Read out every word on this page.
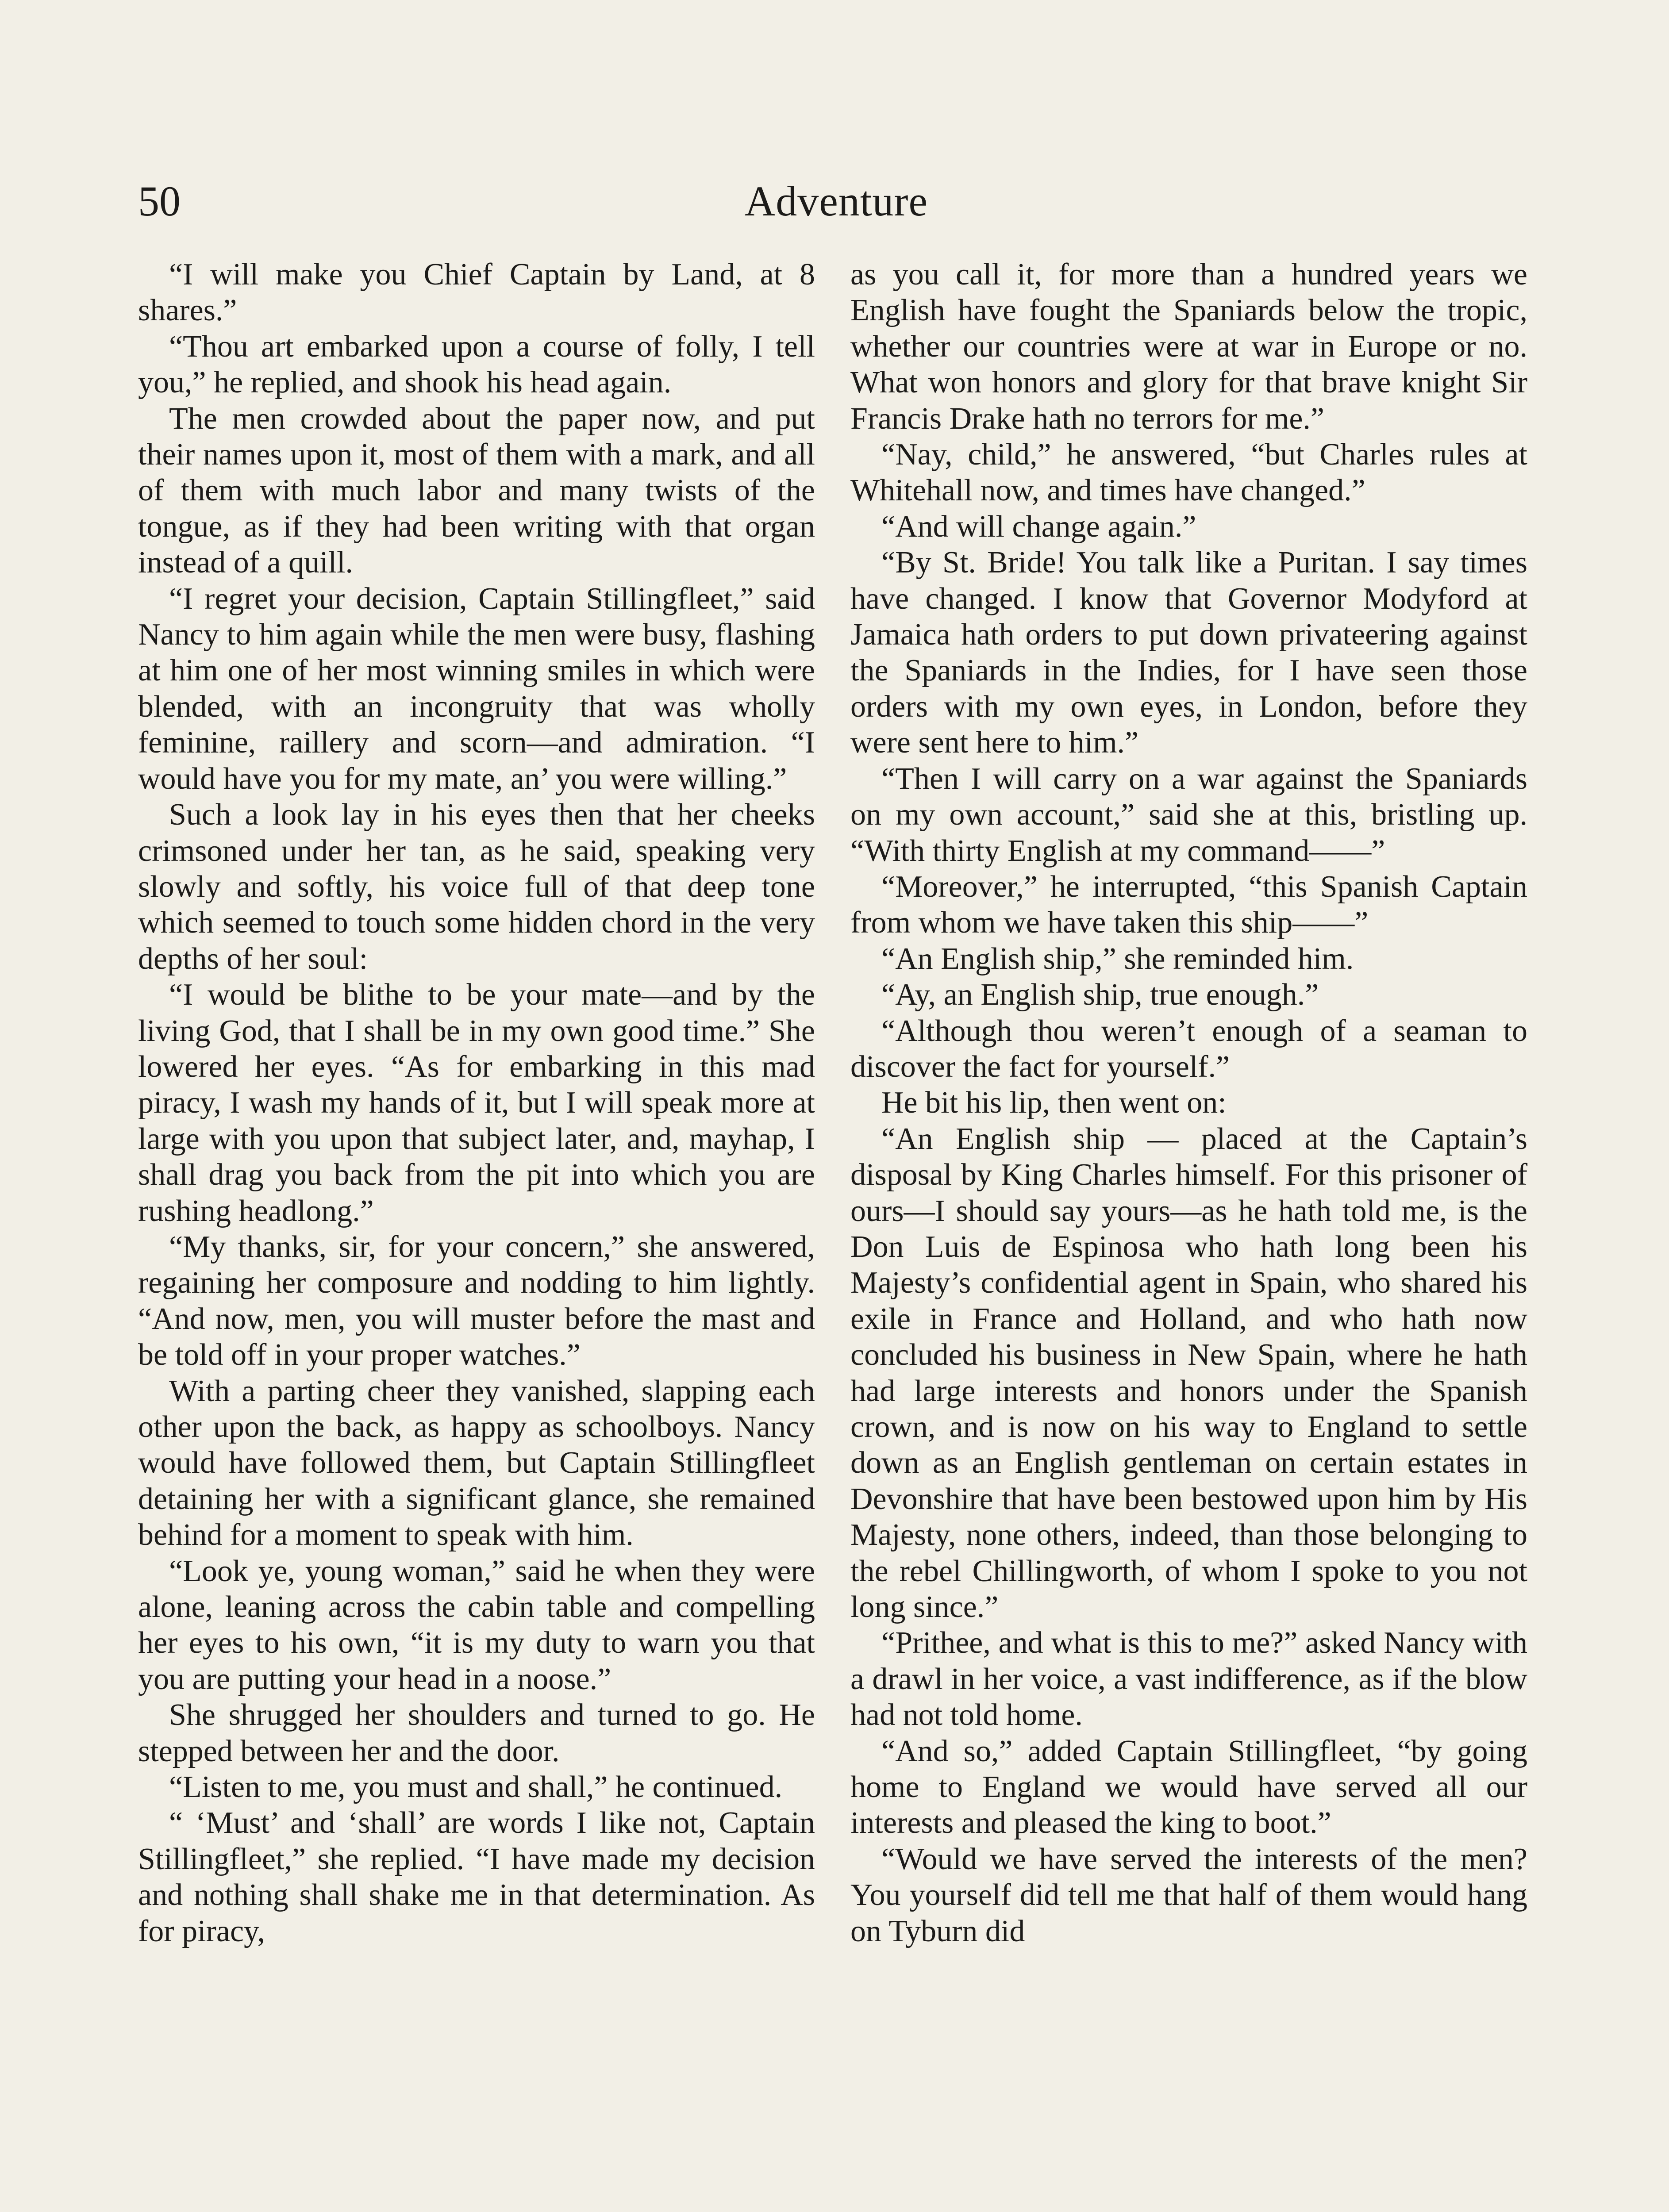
50	Adventure

“I will make you Chief Captain by Land, at 8 shares.”

“Thou art embarked upon a course of folly, I tell you,” he replied, and shook his head again.

The men crowded about the paper now, and put their names upon it, most of them with a mark, and all of them with much labor and many twists of the tongue, as if they had been writing with that organ instead of a quill.

“I regret your decision, Captain Stillingfleet,” said Nancy to him again while the men were busy, flashing at him one of her most winning smiles in which were blended, with an incongruity that was wholly feminine, raillery and scorn—and admiration. “I would have you for my mate, an’ you were willing.”

Such a look lay in his eyes then that her cheeks crimsoned under her tan, as he said, speaking very slowly and softly, his voice full of that deep tone which seemed to touch some hidden chord in the very depths of her soul:

“I would be blithe to be your mate—and by the living God, that I shall be in my own good time.” She lowered her eyes. “As for embarking in this mad piracy, I wash my hands of it, but I will speak more at large with you upon that subject later, and, mayhap, I shall drag you back from the pit into which you are rushing headlong.”

“My thanks, sir, for your concern,” she answered, regaining her composure and nodding to him lightly. “And now, men, you will muster before the mast and be told off in your proper watches.”

With a parting cheer they vanished, slapping each other upon the back, as happy as schoolboys. Nancy would have followed them, but Captain Stillingfleet detaining her with a significant glance, she remained behind for a moment to speak with him.

“Look ye, young woman,” said he when they were alone, leaning across the cabin table and compelling her eyes to his own, “it is my duty to warn you that you are putting your head in a noose.”

She shrugged her shoulders and turned to go. He stepped between her and the door.

“Listen to me, you must and shall,” he continued.

“ ‘Must’ and ‘shall’ are words I like not, Captain Stillingfleet,” she replied. “I have made my decision and nothing shall shake me in that determination. As for piracy,

as you call it, for more than a hundred years we English have fought the Spaniards below the tropic, whether our countries were at war in Europe or no. What won honors and glory for that brave knight Sir Francis Drake hath no terrors for me.”

“Nay, child,” he answered, “but Charles rules at Whitehall now, and times have changed.”

“And will change again.”

“By St. Bride! You talk like a Puritan. I say times have changed. I know that Governor Modyford at Jamaica hath orders to put down privateering against the Spaniards in the Indies, for I have seen those orders with my own eyes, in London, before they were sent here to him.”

“Then I will carry on a war against the Spaniards on my own account,” said she at this, bristling up. “With thirty English at my command——”

“Moreover,” he interrupted, “this Spanish Captain from whom we have taken this ship——”

“An English ship,” she reminded him.

“Ay, an English ship, true enough.”

“Although thou weren’t enough of a seaman to discover the fact for yourself.”

He bit his lip, then went on:

“An English ship — placed at the Captain’s disposal by King Charles himself. For this prisoner of ours—I should say yours—as he hath told me, is the Don Luis de Espinosa who hath long been his Majesty’s confidential agent in Spain, who shared his exile in France and Holland, and who hath now concluded his business in New Spain, where he hath had large interests and honors under the Spanish crown, and is now on his way to England to settle down as an English gentleman on certain estates in Devonshire that have been bestowed upon him by His Majesty, none others, indeed, than those belonging to the rebel Chillingworth, of whom I spoke to you not long since.”

“Prithee, and what is this to me?” asked Nancy with a drawl in her voice, a vast indifference, as if the blow had not told home.

“And so,” added Captain Stillingfleet, “by going home to England we would have served all our interests and pleased the king to boot.”

“Would we have served the interests of the men? You yourself did tell me that half of them would hang on Tyburn did
